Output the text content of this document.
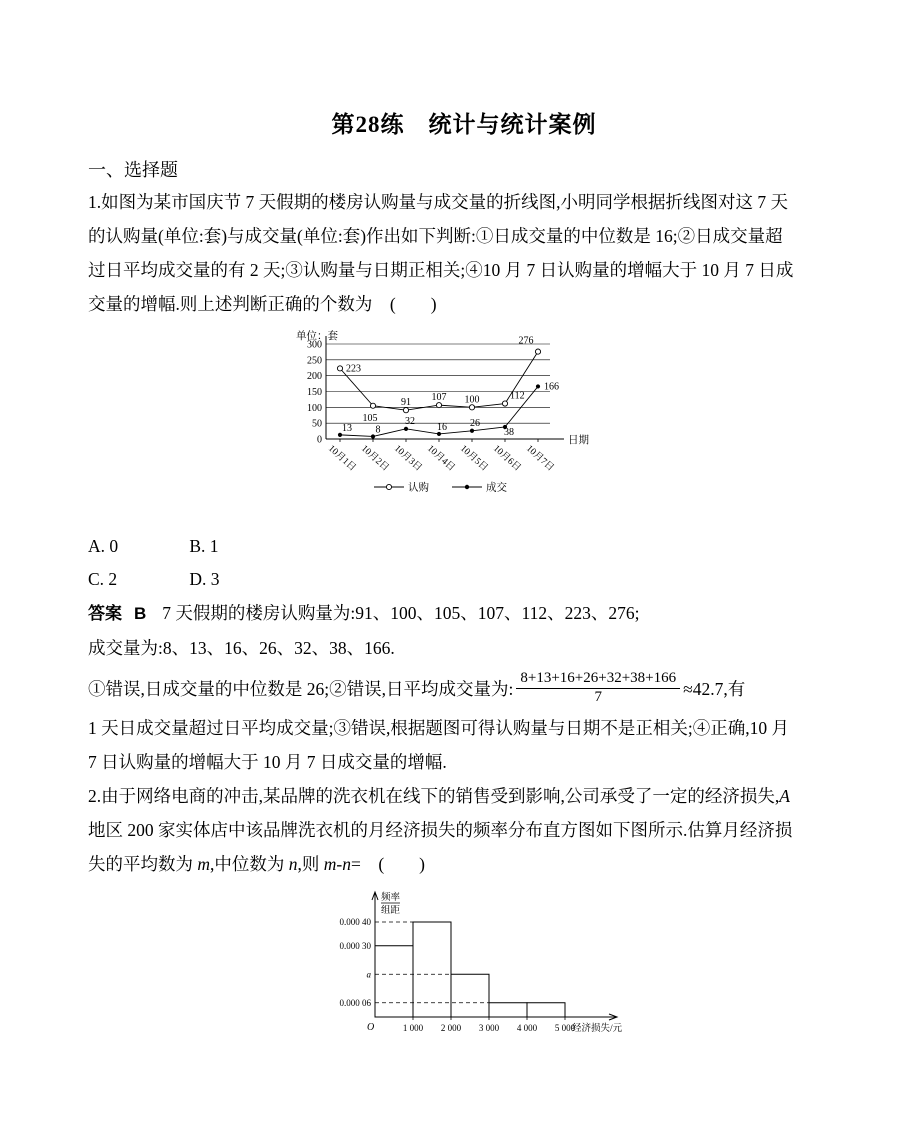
第28练　统计与统计案例
一、选择题
1.如图为某市国庆节 7 天假期的楼房认购量与成交量的折线图,小明同学根据折线图对这 7 天
的认购量(单位:套)与成交量(单位:套)作出如下判断:①日成交量的中位数是 16;②日成交量超
过日平均成交量的有 2 天;③认购量与日期正相关;④10 月 7 日认购量的增幅大于 10 月 7 日成
交量的增幅.则上述判断正确的个数为　(　　)
0
50
100
150
200
250
300
单位：套
日期
10月1日 10月2日 10月3日 10月4日 10月5日 10月6日 10月7日
223
105
91 107 100	112
276
13 8
32
16 26
38
166
认购	成交
A. 0	B. 1
C. 2	D. 3
答案 B 7 天假期的楼房认购量为:91、100、105、107、112、223、276;
成交量为:8、13、16、26、32、38、166.
①错误,日成交量的中位数是 26;②错误,日平均成交量为: $\frac{8+13+16+26+32+38+166}{7} \approx 42.7$,有
1 天日成交量超过日平均成交量;③错误,根据题图可得认购量与日期不是正相关;④正确,10 月
7 日认购量的增幅大于 10 月 7 日成交量的增幅.
2.由于网络电商的冲击,某品牌的洗衣机在线下的销售受到影响,公司承受了一定的经济损失,A
地区 200 家实体店中该品牌洗衣机的月经济损失的频率分布直方图如下图所示.估算月经济损
失的平均数为 m,中位数为 n,则 m-n=　(　　)
频率
组距
0.000 40
0.000 30
a
0.000 06
1 000 2 000 3 000 4 000 5 000
O	经济损失/元
